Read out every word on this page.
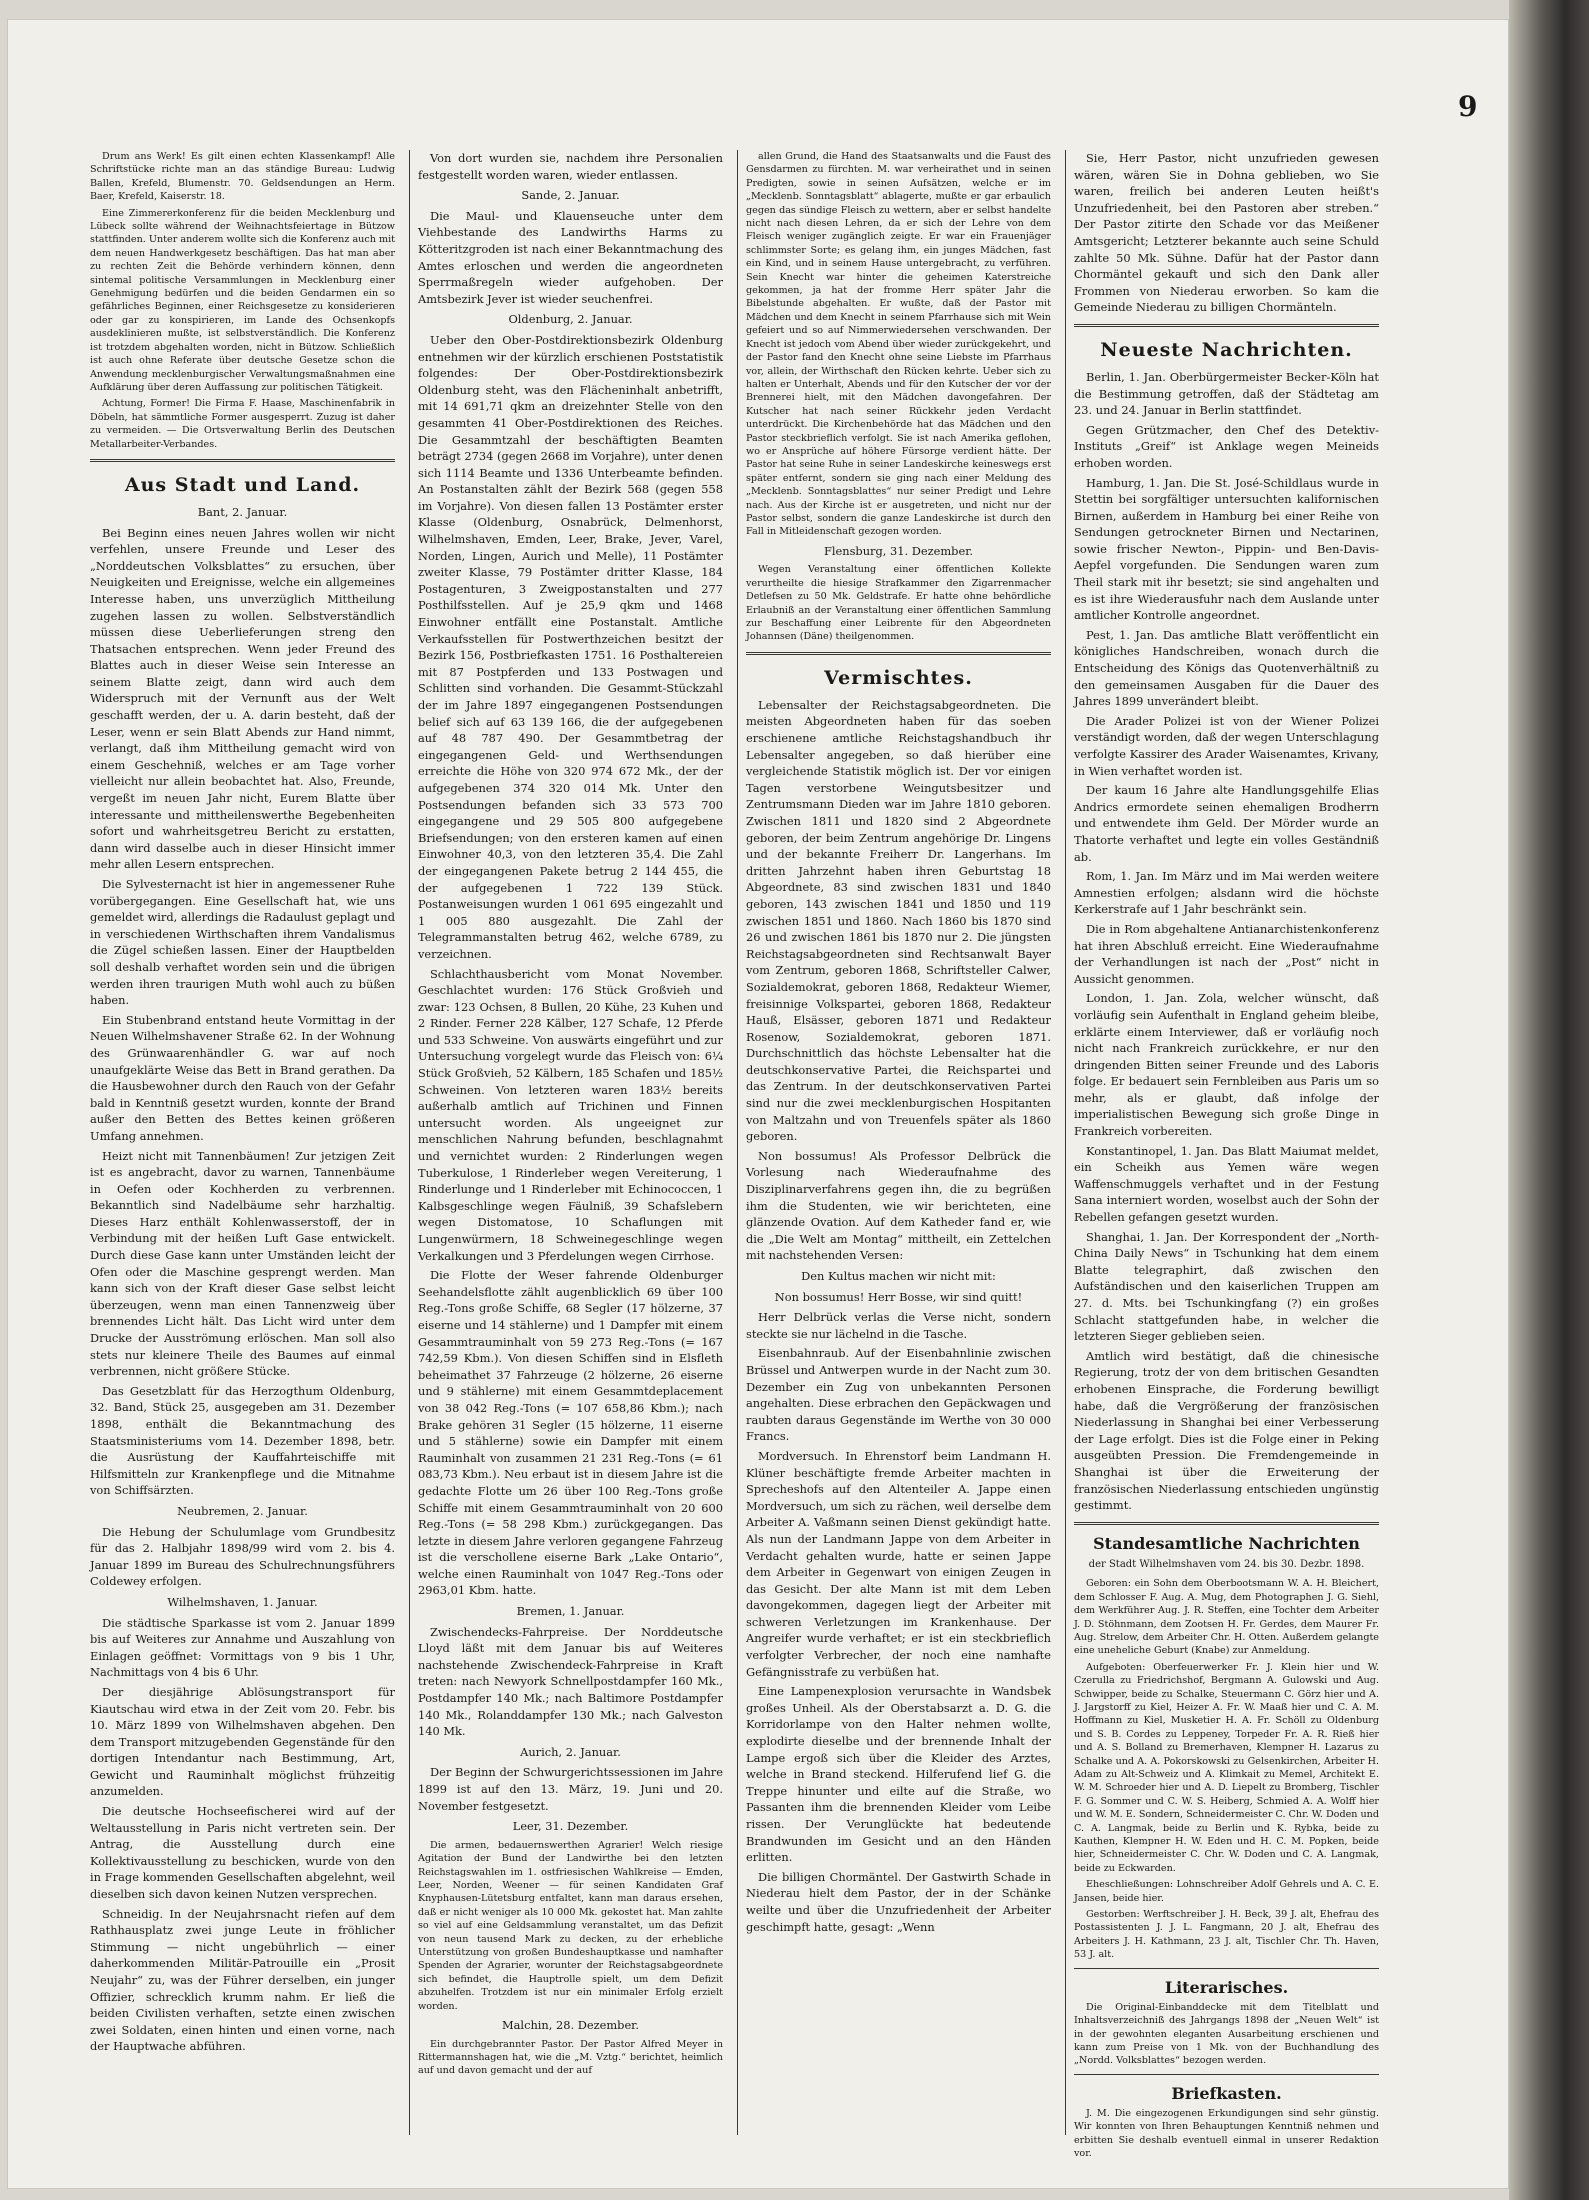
9

Drum ans Werk! Es gilt einen echten Klassenkampf! Alle Schriftstücke richte man an das ständige Bureau: Ludwig Ballen, Krefeld, Blumenstr. 70. Geldsendungen an Herm. Baer, Krefeld, Kaiserstr. 18.

Eine Zimmererkonferenz für die beiden Mecklenburg und Lübeck sollte während der Weihnachtsfeiertage in Bützow stattfinden. Unter anderem wollte sich die Konferenz auch mit dem neuen Handwerkgesetz beschäftigen. Das hat man aber zu rechten Zeit die Behörde verhindern können, denn sintemal politische Versammlungen in Mecklenburg einer Genehmigung bedürfen und die beiden Gendarmen ein so gefährliches Beginnen, einer Reichsgesetze zu konsiderieren oder gar zu konspirieren, im Lande des Ochsenkopfs ausdeklinieren mußte, ist selbstverständlich. Die Konferenz ist trotzdem abgehalten worden, nicht in Bützow. Schließlich ist auch ohne Referate über deutsche Gesetze schon die Anwendung mecklenburgischer Verwaltungsmaßnahmen eine Aufklärung über deren Auffassung zur politischen Tätigkeit.

Achtung, Former! Die Firma F. Haase, Maschinenfabrik in Döbeln, hat sämmtliche Former ausgesperrt. Zuzug ist daher zu vermeiden. — Die Ortsverwaltung Berlin des Deutschen Metallarbeiter-Verbandes.

Aus Stadt und Land.
Bant, 2. Januar.

Bei Beginn eines neuen Jahres wollen wir nicht verfehlen, unsere Freunde und Leser des „Norddeutschen Volksblattes“ zu ersuchen, über Neuigkeiten und Ereignisse, welche ein allgemeines Interesse haben, uns unverzüglich Mittheilung zugehen lassen zu wollen. Selbstverständlich müssen diese Ueberlieferungen streng den Thatsachen entsprechen. Wenn jeder Freund des Blattes auch in dieser Weise sein Interesse an seinem Blatte zeigt, dann wird auch dem Widerspruch mit der Vernunft aus der Welt geschafft werden, der u. A. darin besteht, daß der Leser, wenn er sein Blatt Abends zur Hand nimmt, verlangt, daß ihm Mittheilung gemacht wird von einem Geschehniß, welches er am Tage vorher vielleicht nur allein beobachtet hat. Also, Freunde, vergeßt im neuen Jahr nicht, Eurem Blatte über interessante und mittheilenswerthe Begebenheiten sofort und wahrheitsgetreu Bericht zu erstatten, dann wird dasselbe auch in dieser Hinsicht immer mehr allen Lesern entsprechen.

Die Sylvesternacht ist hier in angemessener Ruhe vorübergegangen. Eine Gesellschaft hat, wie uns gemeldet wird, allerdings die Radaulust geplagt und in verschiedenen Wirthschaften ihrem Vandalismus die Zügel schießen lassen. Einer der Hauptbelden soll deshalb verhaftet worden sein und die übrigen werden ihren traurigen Muth wohl auch zu büßen haben.

Ein Stubenbrand entstand heute Vormittag in der Neuen Wilhelmshavener Straße 62. In der Wohnung des Grünwaarenhändler G. war auf noch unaufgeklärte Weise das Bett in Brand gerathen. Da die Hausbewohner durch den Rauch von der Gefahr bald in Kenntniß gesetzt wurden, konnte der Brand außer den Betten des Bettes keinen größeren Umfang annehmen.

Heizt nicht mit Tannenbäumen! Zur jetzigen Zeit ist es angebracht, davor zu warnen, Tannenbäume in Oefen oder Kochherden zu verbrennen. Bekanntlich sind Nadelbäume sehr harzhaltig. Dieses Harz enthält Kohlenwasserstoff, der in Verbindung mit der heißen Luft Gase entwickelt. Durch diese Gase kann unter Umständen leicht der Ofen oder die Maschine gesprengt werden. Man kann sich von der Kraft dieser Gase selbst leicht überzeugen, wenn man einen Tannenzweig über brennendes Licht hält. Das Licht wird unter dem Drucke der Ausströmung erlöschen. Man soll also stets nur kleinere Theile des Baumes auf einmal verbrennen, nicht größere Stücke.

Das Gesetzblatt für das Herzogthum Oldenburg, 32. Band, Stück 25, ausgegeben am 31. Dezember 1898, enthält die Bekanntmachung des Staatsministeriums vom 14. Dezember 1898, betr. die Ausrüstung der Kauffahrteischiffe mit Hilfsmitteln zur Krankenpflege und die Mitnahme von Schiffsärzten.

Neubremen, 2. Januar.

Die Hebung der Schulumlage vom Grundbesitz für das 2. Halbjahr 1898/99 wird vom 2. bis 4. Januar 1899 im Bureau des Schulrechnungsführers Coldewey erfolgen.

Wilhelmshaven, 1. Januar.

Die städtische Sparkasse ist vom 2. Januar 1899 bis auf Weiteres zur Annahme und Auszahlung von Einlagen geöffnet: Vormittags von 9 bis 1 Uhr, Nachmittags von 4 bis 6 Uhr.

Der diesjährige Ablösungstransport für Kiautschau wird etwa in der Zeit vom 20. Febr. bis 10. März 1899 von Wilhelmshaven abgehen. Den dem Transport mitzugebenden Gegenstände für den dortigen Intendantur nach Bestimmung, Art, Gewicht und Rauminhalt möglichst frühzeitig anzumelden.

Die deutsche Hochseefischerei wird auf der Weltausstellung in Paris nicht vertreten sein. Der Antrag, die Ausstellung durch eine Kollektivausstellung zu beschicken, wurde von den in Frage kommenden Gesellschaften abgelehnt, weil dieselben sich davon keinen Nutzen versprechen.

Schneidig. In der Neujahrsnacht riefen auf dem Rathhausplatz zwei junge Leute in fröhlicher Stimmung — nicht ungebührlich — einer daherkommenden Militär-Patrouille ein „Prosit Neujahr“ zu, was der Führer derselben, ein junger Offizier, schrecklich krumm nahm. Er ließ die beiden Civilisten verhaften, setzte einen zwischen zwei Soldaten, einen hinten und einen vorne, nach der Hauptwache abführen.

Von dort wurden sie, nachdem ihre Personalien festgestellt worden waren, wieder entlassen.

Sande, 2. Januar.

Die Maul- und Klauenseuche unter dem Viehbestande des Landwirths Harms zu Kötteritzgroden ist nach einer Bekanntmachung des Amtes erloschen und werden die angeordneten Sperrmaßregeln wieder aufgehoben. Der Amtsbezirk Jever ist wieder seuchenfrei.

Oldenburg, 2. Januar.

Ueber den Ober-Postdirektionsbezirk Oldenburg entnehmen wir der kürzlich erschienen Poststatistik folgendes: Der Ober-Postdirektionsbezirk Oldenburg steht, was den Flächeninhalt anbetrifft, mit 14 691,71 qkm an dreizehnter Stelle von den gesammten 41 Ober-Postdirektionen des Reiches. Die Gesammtzahl der beschäftigten Beamten beträgt 2734 (gegen 2668 im Vorjahre), unter denen sich 1114 Beamte und 1336 Unterbeamte befinden. An Postanstalten zählt der Bezirk 568 (gegen 558 im Vorjahre). Von diesen fallen 13 Postämter erster Klasse (Oldenburg, Osnabrück, Delmenhorst, Wilhelmshaven, Emden, Leer, Brake, Jever, Varel, Norden, Lingen, Aurich und Melle), 11 Postämter zweiter Klasse, 79 Postämter dritter Klasse, 184 Postagenturen, 3 Zweigpostanstalten und 277 Posthilfsstellen. Auf je 25,9 qkm und 1468 Einwohner entfällt eine Postanstalt. Amtliche Verkaufsstellen für Postwerthzeichen besitzt der Bezirk 156, Postbriefkasten 1751. 16 Posthaltereien mit 87 Postpferden und 133 Postwagen und Schlitten sind vorhanden. Die Gesammt-Stückzahl der im Jahre 1897 eingegangenen Postsendungen belief sich auf 63 139 166, die der aufgegebenen auf 48 787 490. Der Gesammtbetrag der eingegangenen Geld- und Werthsendungen erreichte die Höhe von 320 974 672 Mk., der der aufgegebenen 374 320 014 Mk. Unter den Postsendungen befanden sich 33 573 700 eingegangene und 29 505 800 aufgegebene Briefsendungen; von den ersteren kamen auf einen Einwohner 40,3, von den letzteren 35,4. Die Zahl der eingegangenen Pakete betrug 2 144 455, die der aufgegebenen 1 722 139 Stück. Postanweisungen wurden 1 061 695 eingezahlt und 1 005 880 ausgezahlt. Die Zahl der Telegrammanstalten betrug 462, welche 6789, zu verzeichnen.

Schlachthausbericht vom Monat November. Geschlachtet wurden: 176 Stück Großvieh und zwar: 123 Ochsen, 8 Bullen, 20 Kühe, 23 Kuhen und 2 Rinder. Ferner 228 Kälber, 127 Schafe, 12 Pferde und 533 Schweine. Von auswärts eingeführt und zur Untersuchung vorgelegt wurde das Fleisch von: 6¼ Stück Großvieh, 52 Kälbern, 185 Schafen und 185½ Schweinen. Von letzteren waren 183½ bereits außerhalb amtlich auf Trichinen und Finnen untersucht worden. Als ungeeignet zur menschlichen Nahrung befunden, beschlagnahmt und vernichtet wurden: 2 Rinderlungen wegen Tuberkulose, 1 Rinderleber wegen Vereiterung, 1 Rinderlunge und 1 Rinderleber mit Echinococcen, 1 Kalbsgeschlinge wegen Fäulniß, 39 Schafslebern wegen Distomatose, 10 Schaflungen mit Lungenwürmern, 18 Schweinegeschlinge wegen Verkalkungen und 3 Pferdelungen wegen Cirrhose.

Die Flotte der Weser fahrende Oldenburger Seehandelsflotte zählt augenblicklich 69 über 100 Reg.-Tons große Schiffe, 68 Segler (17 hölzerne, 37 eiserne und 14 stählerne) und 1 Dampfer mit einem Gesammtrauminhalt von 59 273 Reg.-Tons (= 167 742,59 Kbm.). Von diesen Schiffen sind in Elsfleth beheimathet 37 Fahrzeuge (2 hölzerne, 26 eiserne und 9 stählerne) mit einem Gesammtdeplacement von 38 042 Reg.-Tons (= 107 658,86 Kbm.); nach Brake gehören 31 Segler (15 hölzerne, 11 eiserne und 5 stählerne) sowie ein Dampfer mit einem Rauminhalt von zusammen 21 231 Reg.-Tons (= 61 083,73 Kbm.). Neu erbaut ist in diesem Jahre ist die gedachte Flotte um 26 über 100 Reg.-Tons große Schiffe mit einem Gesammtrauminhalt von 20 600 Reg.-Tons (= 58 298 Kbm.) zurückgegangen. Das letzte in diesem Jahre verloren gegangene Fahrzeug ist die verschollene eiserne Bark „Lake Ontario“, welche einen Rauminhalt von 1047 Reg.-Tons oder 2963,01 Kbm. hatte.

Bremen, 1. Januar.

Zwischendecks-Fahrpreise. Der Norddeutsche Lloyd läßt mit dem Januar bis auf Weiteres nachstehende Zwischendeck-Fahrpreise in Kraft treten: nach Newyork Schnellpostdampfer 160 Mk., Postdampfer 140 Mk.; nach Baltimore Postdampfer 140 Mk., Rolanddampfer 130 Mk.; nach Galveston 140 Mk.

Aurich, 2. Januar.

Der Beginn der Schwurgerichtssessionen im Jahre 1899 ist auf den 13. März, 19. Juni und 20. November festgesetzt.

Leer, 31. Dezember.

Die armen, bedauernswerthen Agrarier! Welch riesige Agitation der Bund der Landwirthe bei den letzten Reichstagswahlen im 1. ostfriesischen Wahlkreise — Emden, Leer, Norden, Weener — für seinen Kandidaten Graf Knyphausen-Lütetsburg entfaltet, kann man daraus ersehen, daß er nicht weniger als 10 000 Mk. gekostet hat. Man zahlte so viel auf eine Geldsammlung veranstaltet, um das Defizit von neun tausend Mark zu decken, zu der erhebliche Unterstützung von großen Bundeshauptkasse und namhafter Spenden der Agrarier, worunter der Reichstagsabgeordnete sich befindet, die Hauptrolle spielt, um dem Defizit abzuhelfen. Trotzdem ist nur ein minimaler Erfolg erzielt worden.

Malchin, 28. Dezember.

Ein durchgebrannter Pastor. Der Pastor Alfred Meyer in Rittermannshagen hat, wie die „M. Vztg.“ berichtet, heimlich auf und davon gemacht und der auf

allen Grund, die Hand des Staatsanwalts und die Faust des Gensdarmen zu fürchten. M. war verheirathet und in seinen Predigten, sowie in seinen Aufsätzen, welche er im „Mecklenb. Sonntagsblatt“ ablagerte, mußte er gar erbaulich gegen das sündige Fleisch zu wettern, aber er selbst handelte nicht nach diesen Lehren, da er sich der Lehre von dem Fleisch weniger zugänglich zeigte. Er war ein Frauenjäger schlimmster Sorte; es gelang ihm, ein junges Mädchen, fast ein Kind, und in seinem Hause untergebracht, zu verführen. Sein Knecht war hinter die geheimen Katerstreiche gekommen, ja hat der fromme Herr später Jahr die Bibelstunde abgehalten. Er wußte, daß der Pastor mit Mädchen und dem Knecht in seinem Pfarrhause sich mit Wein gefeiert und so auf Nimmerwiedersehen verschwanden. Der Knecht ist jedoch vom Abend über wieder zurückgekehrt, und der Pastor fand den Knecht ohne seine Liebste im Pfarrhaus vor, allein, der Wirthschaft den Rücken kehrte. Ueber sich zu halten er Unterhalt, Abends und für den Kutscher der vor der Brennerei hielt, mit den Mädchen davongefahren. Der Kutscher hat nach seiner Rückkehr jeden Verdacht unterdrückt. Die Kirchenbehörde hat das Mädchen und den Pastor steckbrieflich verfolgt. Sie ist nach Amerika geflohen, wo er Ansprüche auf höhere Fürsorge verdient hätte. Der Pastor hat seine Ruhe in seiner Landeskirche keineswegs erst später entfernt, sondern sie ging nach einer Meldung des „Mecklenb. Sonntagsblattes“ nur seiner Predigt und Lehre nach. Aus der Kirche ist er ausgetreten, und nicht nur der Pastor selbst, sondern die ganze Landeskirche ist durch den Fall in Mitleidenschaft gezogen worden.

Flensburg, 31. Dezember.

Wegen Veranstaltung einer öffentlichen Kollekte verurtheilte die hiesige Strafkammer den Zigarrenmacher Detlefsen zu 50 Mk. Geldstrafe. Er hatte ohne behördliche Erlaubniß an der Veranstaltung einer öffentlichen Sammlung zur Beschaffung einer Leibrente für den Abgeordneten Johannsen (Däne) theilgenommen.

Vermischtes.

Lebensalter der Reichstagsabgeordneten. Die meisten Abgeordneten haben für das soeben erschienene amtliche Reichstagshandbuch ihr Lebensalter angegeben, so daß hierüber eine vergleichende Statistik möglich ist. Der vor einigen Tagen verstorbene Weingutsbesitzer und Zentrumsmann Dieden war im Jahre 1810 geboren. Zwischen 1811 und 1820 sind 2 Abgeordnete geboren, der beim Zentrum angehörige Dr. Lingens und der bekannte Freiherr Dr. Langerhans. Im dritten Jahrzehnt haben ihren Geburtstag 18 Abgeordnete, 83 sind zwischen 1831 und 1840 geboren, 143 zwischen 1841 und 1850 und 119 zwischen 1851 und 1860. Nach 1860 bis 1870 sind 26 und zwischen 1861 bis 1870 nur 2. Die jüngsten Reichstagsabgeordneten sind Rechtsanwalt Bayer vom Zentrum, geboren 1868, Schriftsteller Calwer, Sozialdemokrat, geboren 1868, Redakteur Wiemer, freisinnige Volkspartei, geboren 1868, Redakteur Hauß, Elsässer, geboren 1871 und Redakteur Rosenow, Sozialdemokrat, geboren 1871. Durchschnittlich das höchste Lebensalter hat die deutschkonservative Partei, die Reichspartei und das Zentrum. In der deutschkonservativen Partei sind nur die zwei mecklenburgischen Hospitanten von Maltzahn und von Treuenfels später als 1860 geboren.

Non bossumus! Als Professor Delbrück die Vorlesung nach Wiederaufnahme des Disziplinarverfahrens gegen ihn, die zu begrüßen ihm die Studenten, wie wir berichteten, eine glänzende Ovation. Auf dem Katheder fand er, wie die „Die Welt am Montag“ mittheilt, ein Zettelchen mit nachstehenden Versen:

Den Kultus machen wir nicht mit:
Non bossumus! Herr Bosse, wir sind quitt!

Herr Delbrück verlas die Verse nicht, sondern steckte sie nur lächelnd in die Tasche.

Eisenbahnraub. Auf der Eisenbahnlinie zwischen Brüssel und Antwerpen wurde in der Nacht zum 30. Dezember ein Zug von unbekannten Personen angehalten. Diese erbrachen den Gepäckwagen und raubten daraus Gegenstände im Werthe von 30 000 Francs.

Mordversuch. In Ehrenstorf beim Landmann H. Klüner beschäftigte fremde Arbeiter machten in Sprecheshofs auf den Altenteiler A. Jappe einen Mordversuch, um sich zu rächen, weil derselbe dem Arbeiter A. Vaßmann seinen Dienst gekündigt hatte. Als nun der Landmann Jappe von dem Arbeiter in Verdacht gehalten wurde, hatte er seinen Jappe dem Arbeiter in Gegenwart von einigen Zeugen in das Gesicht. Der alte Mann ist mit dem Leben davongekommen, dagegen liegt der Arbeiter mit schweren Verletzungen im Krankenhause. Der Angreifer wurde verhaftet; er ist ein steckbrieflich verfolgter Verbrecher, der noch eine namhafte Gefängnisstrafe zu verbüßen hat.

Eine Lampenexplosion verursachte in Wandsbek großes Unheil. Als der Oberstabsarzt a. D. G. die Korridorlampe von den Halter nehmen wollte, explodirte dieselbe und der brennende Inhalt der Lampe ergoß sich über die Kleider des Arztes, welche in Brand steckend. Hilferufend lief G. die Treppe hinunter und eilte auf die Straße, wo Passanten ihm die brennenden Kleider vom Leibe rissen. Der Verunglückte hat bedeutende Brandwunden im Gesicht und an den Händen erlitten.

Die billigen Chormäntel. Der Gastwirth Schade in Niederau hielt dem Pastor, der in der Schänke weilte und über die Unzufriedenheit der Arbeiter geschimpft hatte, gesagt: „Wenn

Sie, Herr Pastor, nicht unzufrieden gewesen wären, wären Sie in Dohna geblieben, wo Sie waren, freilich bei anderen Leuten heißt's Unzufriedenheit, bei den Pastoren aber streben.“ Der Pastor zitirte den Schade vor das Meißener Amtsgericht; Letzterer bekannte auch seine Schuld zahlte 50 Mk. Sühne. Dafür hat der Pastor dann Chormäntel gekauft und sich den Dank aller Frommen von Niederau erworben. So kam die Gemeinde Niederau zu billigen Chormänteln.

Neueste Nachrichten.

Berlin, 1. Jan. Oberbürgermeister Becker-Köln hat die Bestimmung getroffen, daß der Städtetag am 23. und 24. Januar in Berlin stattfindet.

Gegen Grützmacher, den Chef des Detektiv-Instituts „Greif“ ist Anklage wegen Meineids erhoben worden.

Hamburg, 1. Jan. Die St. José-Schildlaus wurde in Stettin bei sorgfältiger untersuchten kalifornischen Birnen, außerdem in Hamburg bei einer Reihe von Sendungen getrockneter Birnen und Nectarinen, sowie frischer Newton-, Pippin- und Ben-Davis-Aepfel vorgefunden. Die Sendungen waren zum Theil stark mit ihr besetzt; sie sind angehalten und es ist ihre Wiederausfuhr nach dem Auslande unter amtlicher Kontrolle angeordnet.

Pest, 1. Jan. Das amtliche Blatt veröffentlicht ein königliches Handschreiben, wonach durch die Entscheidung des Königs das Quotenverhältniß zu den gemeinsamen Ausgaben für die Dauer des Jahres 1899 unverändert bleibt.

Die Arader Polizei ist von der Wiener Polizei verständigt worden, daß der wegen Unterschlagung verfolgte Kassirer des Arader Waisenamtes, Krivany, in Wien verhaftet worden ist.

Der kaum 16 Jahre alte Handlungsgehilfe Elias Andrics ermordete seinen ehemaligen Brodherrn und entwendete ihm Geld. Der Mörder wurde an Thatorte verhaftet und legte ein volles Geständniß ab.

Rom, 1. Jan. Im März und im Mai werden weitere Amnestien erfolgen; alsdann wird die höchste Kerkerstrafe auf 1 Jahr beschränkt sein.

Die in Rom abgehaltene Antianarchistenkonferenz hat ihren Abschluß erreicht. Eine Wiederaufnahme der Verhandlungen ist nach der „Post“ nicht in Aussicht genommen.

London, 1. Jan. Zola, welcher wünscht, daß vorläufig sein Aufenthalt in England geheim bleibe, erklärte einem Interviewer, daß er vorläufig noch nicht nach Frankreich zurückkehre, er nur den dringenden Bitten seiner Freunde und des Laboris folge. Er bedauert sein Fernbleiben aus Paris um so mehr, als er glaubt, daß infolge der imperialistischen Bewegung sich große Dinge in Frankreich vorbereiten.

Konstantinopel, 1. Jan. Das Blatt Maiumat meldet, ein Scheikh aus Yemen wäre wegen Waffenschmuggels verhaftet und in der Festung Sana interniert worden, woselbst auch der Sohn der Rebellen gefangen gesetzt wurden.

Shanghai, 1. Jan. Der Korrespondent der „North-China Daily News“ in Tschunking hat dem einem Blatte telegraphirt, daß zwischen den Aufständischen und den kaiserlichen Truppen am 27. d. Mts. bei Tschunkingfang (?) ein großes Schlacht stattgefunden habe, in welcher die letzteren Sieger geblieben seien.

Amtlich wird bestätigt, daß die chinesische Regierung, trotz der von dem britischen Gesandten erhobenen Einsprache, die Forderung bewilligt habe, daß die Vergrößerung der französischen Niederlassung in Shanghai bei einer Verbesserung der Lage erfolgt. Dies ist die Folge einer in Peking ausgeübten Pression. Die Fremdengemeinde in Shanghai ist über die Erweiterung der französischen Niederlassung entschieden ungünstig gestimmt.

Standesamtliche Nachrichten
der Stadt Wilhelmshaven vom 24. bis 30. Dezbr. 1898.

Geboren: ein Sohn dem Oberbootsmann W. A. H. Bleichert, dem Schlosser F. Aug. A. Mug, dem Photographen J. G. Siehl, dem Werkführer Aug. J. R. Steffen, eine Tochter dem Arbeiter J. D. Stöhnmann, dem Zootsen H. Fr. Gerdes, dem Maurer Fr. Aug. Strelow, dem Arbeiter Chr. H. Otten. Außerdem gelangte eine uneheliche Geburt (Knabe) zur Anmeldung.

Aufgeboten: Oberfeuerwerker Fr. J. Klein hier und W. Czerulla zu Friedrichshof, Bergmann A. Gulowski und Aug. Schwipper, beide zu Schalke, Steuermann C. Görz hier und A. J. Jargstorff zu Kiel, Heizer A. Fr. W. Maaß hier und C. A. M. Hoffmann zu Kiel, Musketier H. A. Fr. Schöll zu Oldenburg und S. B. Cordes zu Leppeney, Torpeder Fr. A. R. Rieß hier und A. S. Bolland zu Bremerhaven, Klempner H. Lazarus zu Schalke und A. A. Pokorskowski zu Gelsenkirchen, Arbeiter H. Adam zu Alt-Schweiz und A. Klimkait zu Memel, Architekt E. W. M. Schroeder hier und A. D. Liepelt zu Bromberg, Tischler F. G. Sommer und C. W. S. Heiberg, Schmied A. A. Wolff hier und W. M. E. Sondern, Schneidermeister C. Chr. W. Doden und C. A. Langmak, beide zu Berlin und K. Rybka, beide zu Kauthen, Klempner H. W. Eden und H. C. M. Popken, beide hier, Schneidermeister C. Chr. W. Doden und C. A. Langmak, beide zu Eckwarden.

Eheschließungen: Lohnschreiber Adolf Gehrels und A. C. E. Jansen, beide hier.

Gestorben: Werftschreiber J. H. Beck, 39 J. alt, Ehefrau des Postassistenten J. J. L. Fangmann, 20 J. alt, Ehefrau des Arbeiters J. H. Kathmann, 23 J. alt, Tischler Chr. Th. Haven, 53 J. alt.

Literarisches.

Die Original-Einbanddecke mit dem Titelblatt und Inhaltsverzeichniß des Jahrgangs 1898 der „Neuen Welt“ ist in der gewohnten eleganten Ausarbeitung erschienen und kann zum Preise von 1 Mk. von der Buchhandlung des „Nordd. Volksblattes“ bezogen werden.

Briefkasten.

J. M. Die eingezogenen Erkundigungen sind sehr günstig. Wir konnten von Ihren Behauptungen Kenntniß nehmen und erbitten Sie deshalb eventuell einmal in unserer Redaktion vor.
